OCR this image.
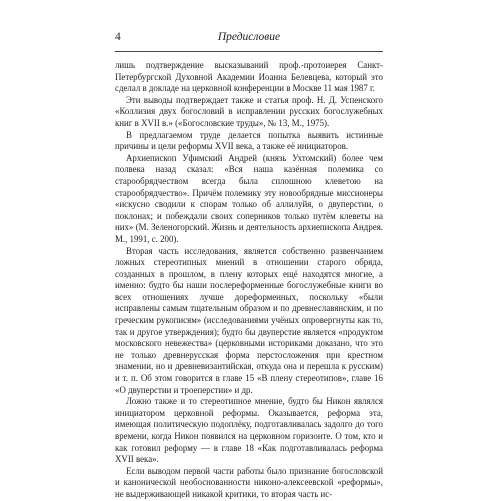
4	Предисловие

лишь подтверждение высказываний проф.-протоиерея Санкт-Петербургской Духовной Академии Иоанна Белевцева, который это сделал в докладе на церковной конференции в Москве 11 мая 1987 г.

Эти выводы подтверждает также и статья проф. Н. Д. Успенского «Коллизия двух богословий в исправлении русских богослужебных книг в XVII в.» («Богословские труды», № 13, М., 1975).

В предлагаемом труде делается попытка выявить истинные причины и цели реформы XVII века, а также её инициаторов.

Архиепископ Уфимский Андрей (князь Ухтомский) более чем полвека назад сказал: «Вся наша казённая полемика со старообрядчеством всегда была сплошною клеветою на старообрядчество». Причём полемику эту новообрядные миссионеры «искусно сводили к спорам только об аллилуйя, о двуперстии, о поклонах; и побеждали своих соперников только путём клеветы на них» (М. Зеленогорский. Жизнь и деятельность архиепископа Андрея. М., 1991, с. 200).

Вторая часть исследования, является собственно развенчанием ложных стереотипных мнений в отношении старого обряда, созданных в прошлом, в плену которых ещё находятся многие, а именно: будто бы наши послереформенные богослужебные книги во всех отношениях лучше дореформенных, поскольку «были исправлены самым тщательным образом и по древнеславянским, и по греческим рукописям» (исследованиями учёных опровергнуты как то, так и другое утверждения); будто бы двуперстие является «продуктом московского невежества» (церковными историками доказано, что это не только древнерусская форма перстосложения при крестном знамении, но и древневизантийская, откуда она и перешла к русским) и т. п. Об этом говорится в главе 15 «В плену стереотипов», главе 16 «О двуперстии и троеперстии» и др.

Ложно также и то стереотипное мнение, будто бы Никон являлся инициатором церковной реформы. Оказывается, реформа эта, имеющая политическую подоплёку, подготавливалась задолго до того времени, когда Никон появился на церковном горизонте. О том, кто и как готовил реформу — в главе 18 «Как подготавливалась реформа XVII века».

Если выводом первой части работы было признание богословской и канонической необоснованности никоно-алексеевской «реформы», не выдерживающей никакой критики, то вторая часть ис-
